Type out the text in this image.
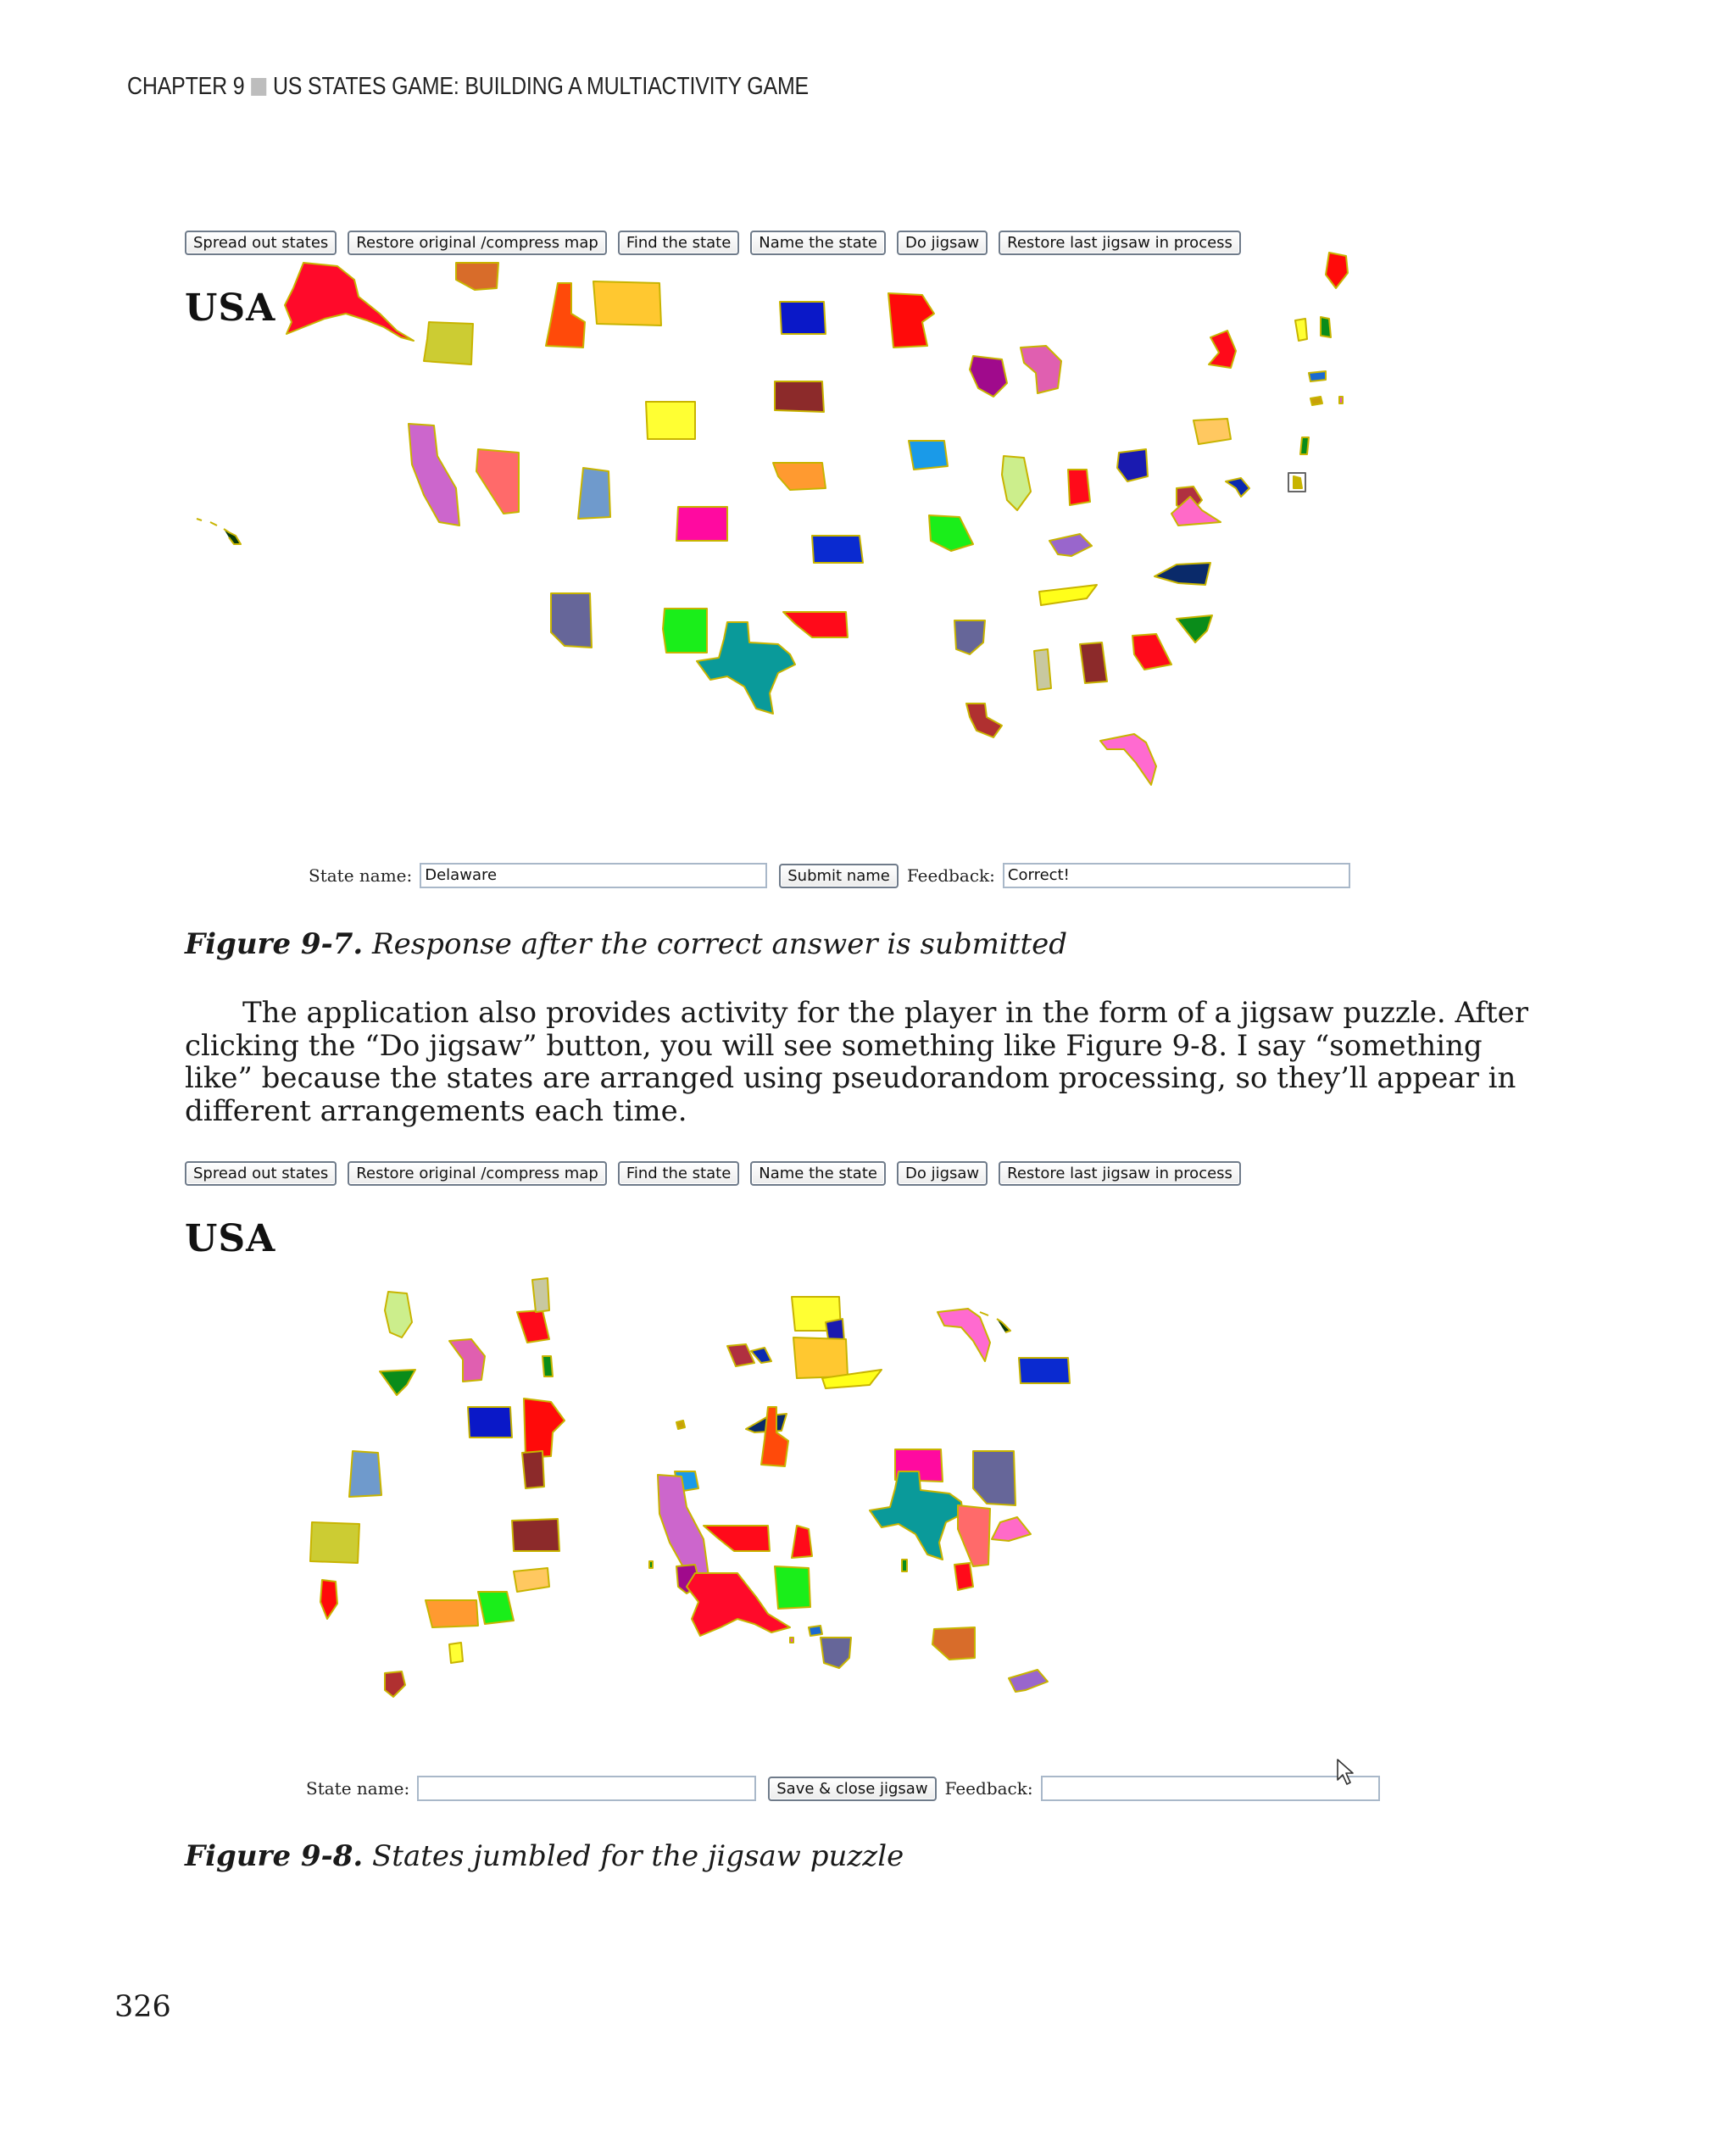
CHAPTER 9 US STATES GAME: BUILDING A MULTIACTIVITY GAME
Spread out states	Restore original /compress map	Find the state	Name the state	Do jigsaw	Restore last jigsaw in process
USA
State name: Delaware	Submit name	Feedback: Correct!
Figure 9-7. Response after the correct answer is submitted

The application also provides activity for the player in the form of a jigsaw puzzle. After clicking the “Do jigsaw” button, you will see something like Figure 9-8. I say “something like” because the states are arranged using pseudorandom processing, so they’ll appear in different arrangements each time.

Spread out states	Restore original /compress map	Find the state	Name the state	Do jigsaw	Restore last jigsaw in process
USA
State name:	Save & close jigsaw	Feedback:
Figure 9-8. States jumbled for the jigsaw puzzle
326
